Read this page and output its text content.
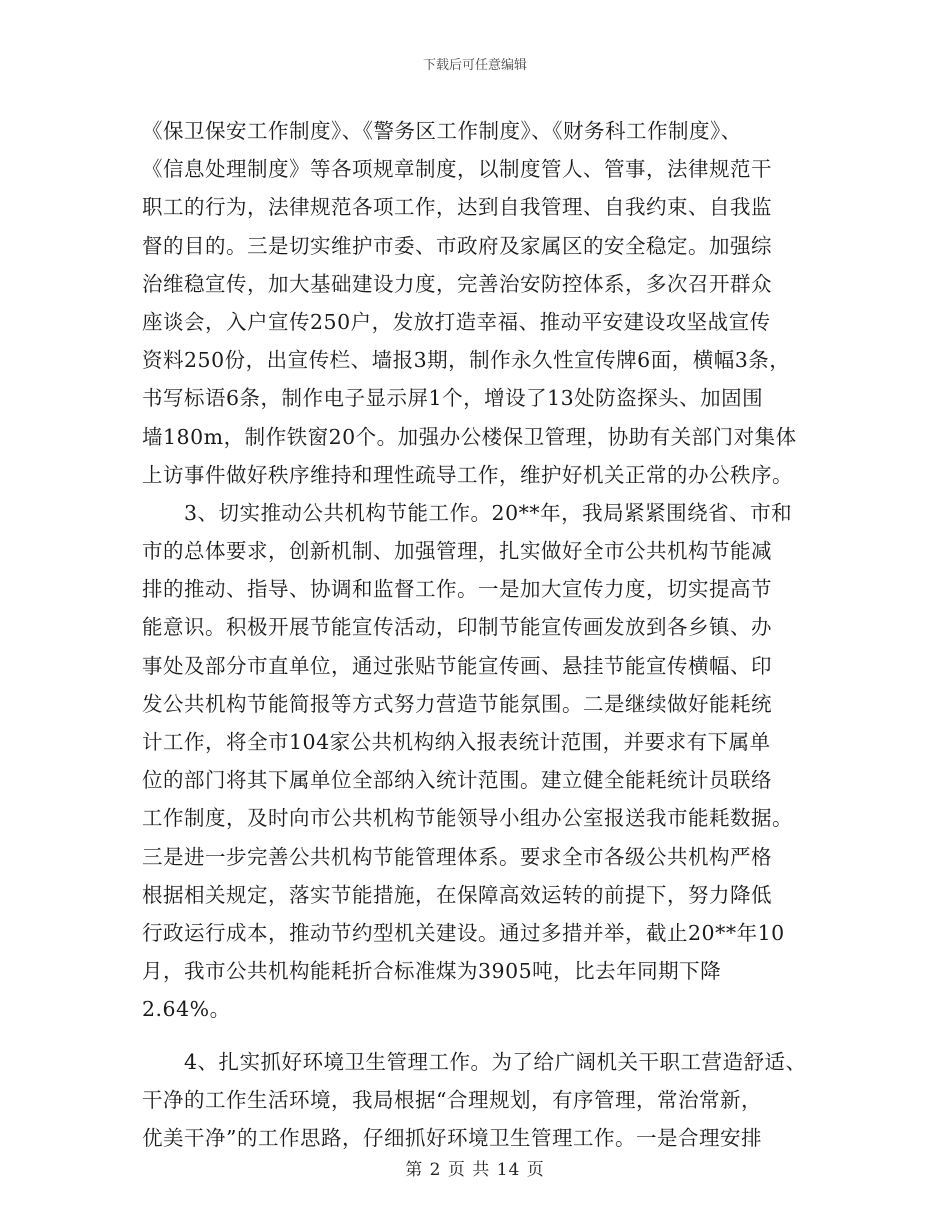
下载后可任意编辑
《保卫保安工作制度》、《警务区工作制度》、《财务科工作制度》、
《信息处理制度》等各项规章制度，以制度管人、管事，法律规范干
职工的行为，法律规范各项工作，达到自我管理、自我约束、自我监
督的目的。三是切实维护市委、市政府及家属区的安全稳定。加强综
治维稳宣传，加大基础建设力度，完善治安防控体系，多次召开群众
座谈会，入户宣传250户，发放打造幸福、推动平安建设攻坚战宣传
资料250份，出宣传栏、墙报3期，制作永久性宣传牌6面，横幅3条，
书写标语6条，制作电子显示屏1个，增设了13处防盗探头、加固围
墙180m，制作铁窗20个。加强办公楼保卫管理，协助有关部门对集体
上访事件做好秩序维持和理性疏导工作，维护好机关正常的办公秩序。
　　3、切实推动公共机构节能工作。20**年，我局紧紧围绕省、市和
市的总体要求，创新机制、加强管理，扎实做好全市公共机构节能减
排的推动、指导、协调和监督工作。一是加大宣传力度，切实提高节
能意识。积极开展节能宣传活动，印制节能宣传画发放到各乡镇、办
事处及部分市直单位，通过张贴节能宣传画、悬挂节能宣传横幅、印
发公共机构节能简报等方式努力营造节能氛围。二是继续做好能耗统
计工作，将全市104家公共机构纳入报表统计范围，并要求有下属单
位的部门将其下属单位全部纳入统计范围。建立健全能耗统计员联络
工作制度，及时向市公共机构节能领导小组办公室报送我市能耗数据。
三是进一步完善公共机构节能管理体系。要求全市各级公共机构严格
根据相关规定，落实节能措施，在保障高效运转的前提下，努力降低
行政运行成本，推动节约型机关建设。通过多措并举，截止20**年10
月，我市公共机构能耗折合标准煤为3905吨，比去年同期下降
2.64%。
　　4、扎实抓好环境卫生管理工作。为了给广阔机关干职工营造舒适、
干净的工作生活环境，我局根据“合理规划，有序管理，常治常新，
优美干净”的工作思路，仔细抓好环境卫生管理工作。一是合理安排
第 2 页 共 14 页
